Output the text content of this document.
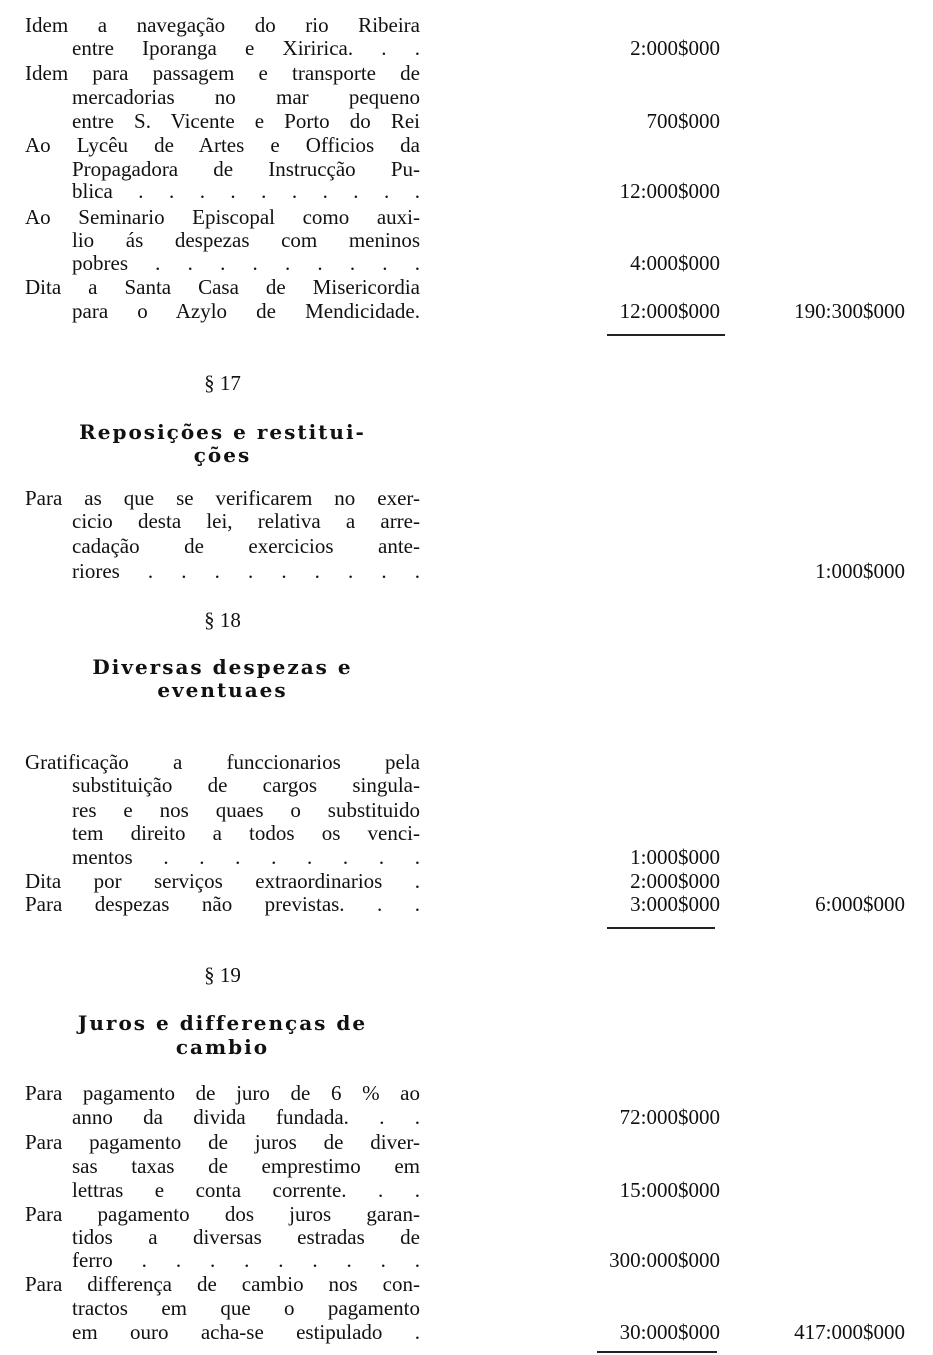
Idem a navegação do rio Ribeira
entre Iporanga e Xiririca. . .	2:000$000
Idem para passagem e transporte de
mercadorias no mar pequeno
entre S. Vicente e Porto do Rei	700$000
Ao Lycêu de Artes e Officios da
Propagadora de Instrucção Pu-
blica . . . . . . . . . .	12:000$000
Ao Seminario Episcopal como auxi-
lio ás despezas com meninos
pobres . . . . . . . . .	4:000$000
Dita a Santa Casa de Misericordia
para o Azylo de Mendicidade.	12:000$000	190:300$000
§ 17
Reposições e restitui-
ções
Para as que se verificarem no exer-
cicio desta lei, relativa a arre-
cadação de exercicios ante-
riores . . . . . . . . .	1:000$000
§ 18
Diversas despezas e
eventuaes
Gratificação a funccionarios pela
substituição de cargos singula-
res e nos quaes o substituido
tem direito a todos os venci-
mentos . . . . . . . .	1:000$000
Dita por serviços extraordinarios .	2:000$000
Para despezas não previstas. . .	3:000$000	6:000$000
§ 19
Juros e differenças de
cambio
Para pagamento de juro de 6 % ao
anno da divida fundada. . .	72:000$000
Para pagamento de juros de diver-
sas taxas de emprestimo em
lettras e conta corrente. . .	15:000$000
Para pagamento dos juros garan-
tidos a diversas estradas de
ferro . . . . . . . . .	300:000$000
Para differença de cambio nos con-
tractos em que o pagamento
em ouro acha-se estipulado .	30:000$000	417:000$000
